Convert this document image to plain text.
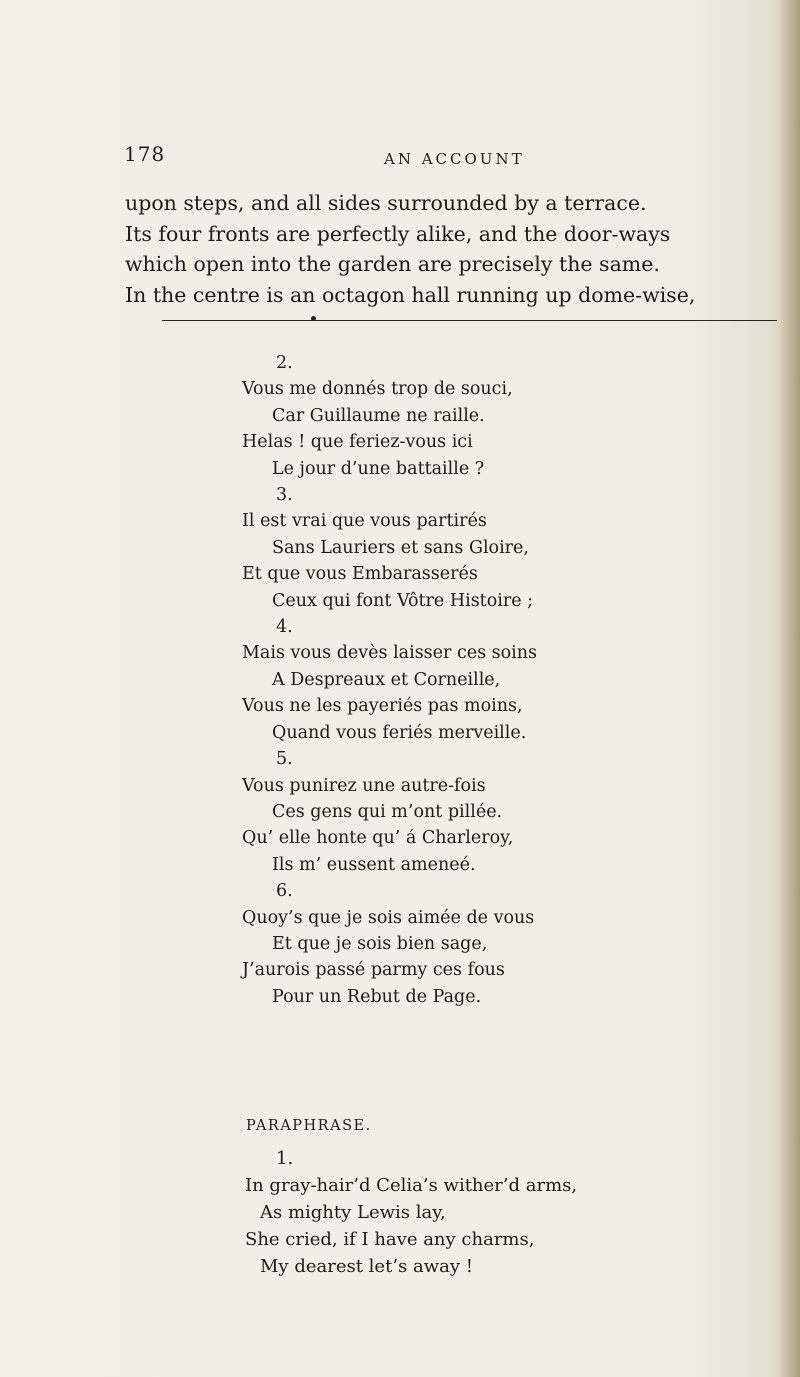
178	AN ACCOUNT
upon steps, and all sides surrounded by a terrace.
Its four fronts are perfectly alike, and the door-ways
which open into the garden are precisely the same.
In the centre is an octagon hall running up dome-wise,
2.
Vous me donnés trop de souci,
Car Guillaume ne raille.
Helas ! que feriez-vous ici
Le jour d’une battaille ?
3.
Il est vrai que vous partirés
Sans Lauriers et sans Gloire,
Et que vous Embarasserés
Ceux qui font Vôtre Histoire ;
4.
Mais vous devès laisser ces soins
A Despreaux et Corneille,
Vous ne les payeriés pas moins,
Quand vous feriés merveille.
5.
Vous punirez une autre-fois
Ces gens qui m’ont pillée.
Qu’ elle honte qu’ á Charleroy,
Ils m’ eussent ameneé.
6.
Quoy’s que je sois aimée de vous
Et que je sois bien sage,
J’aurois passé parmy ces fous
Pour un Rebut de Page.
PARAPHRASE.
1.
In gray-hair’d Celia’s wither’d arms,
As mighty Lewis lay,
She cried, if I have any charms,
My dearest let’s away !
